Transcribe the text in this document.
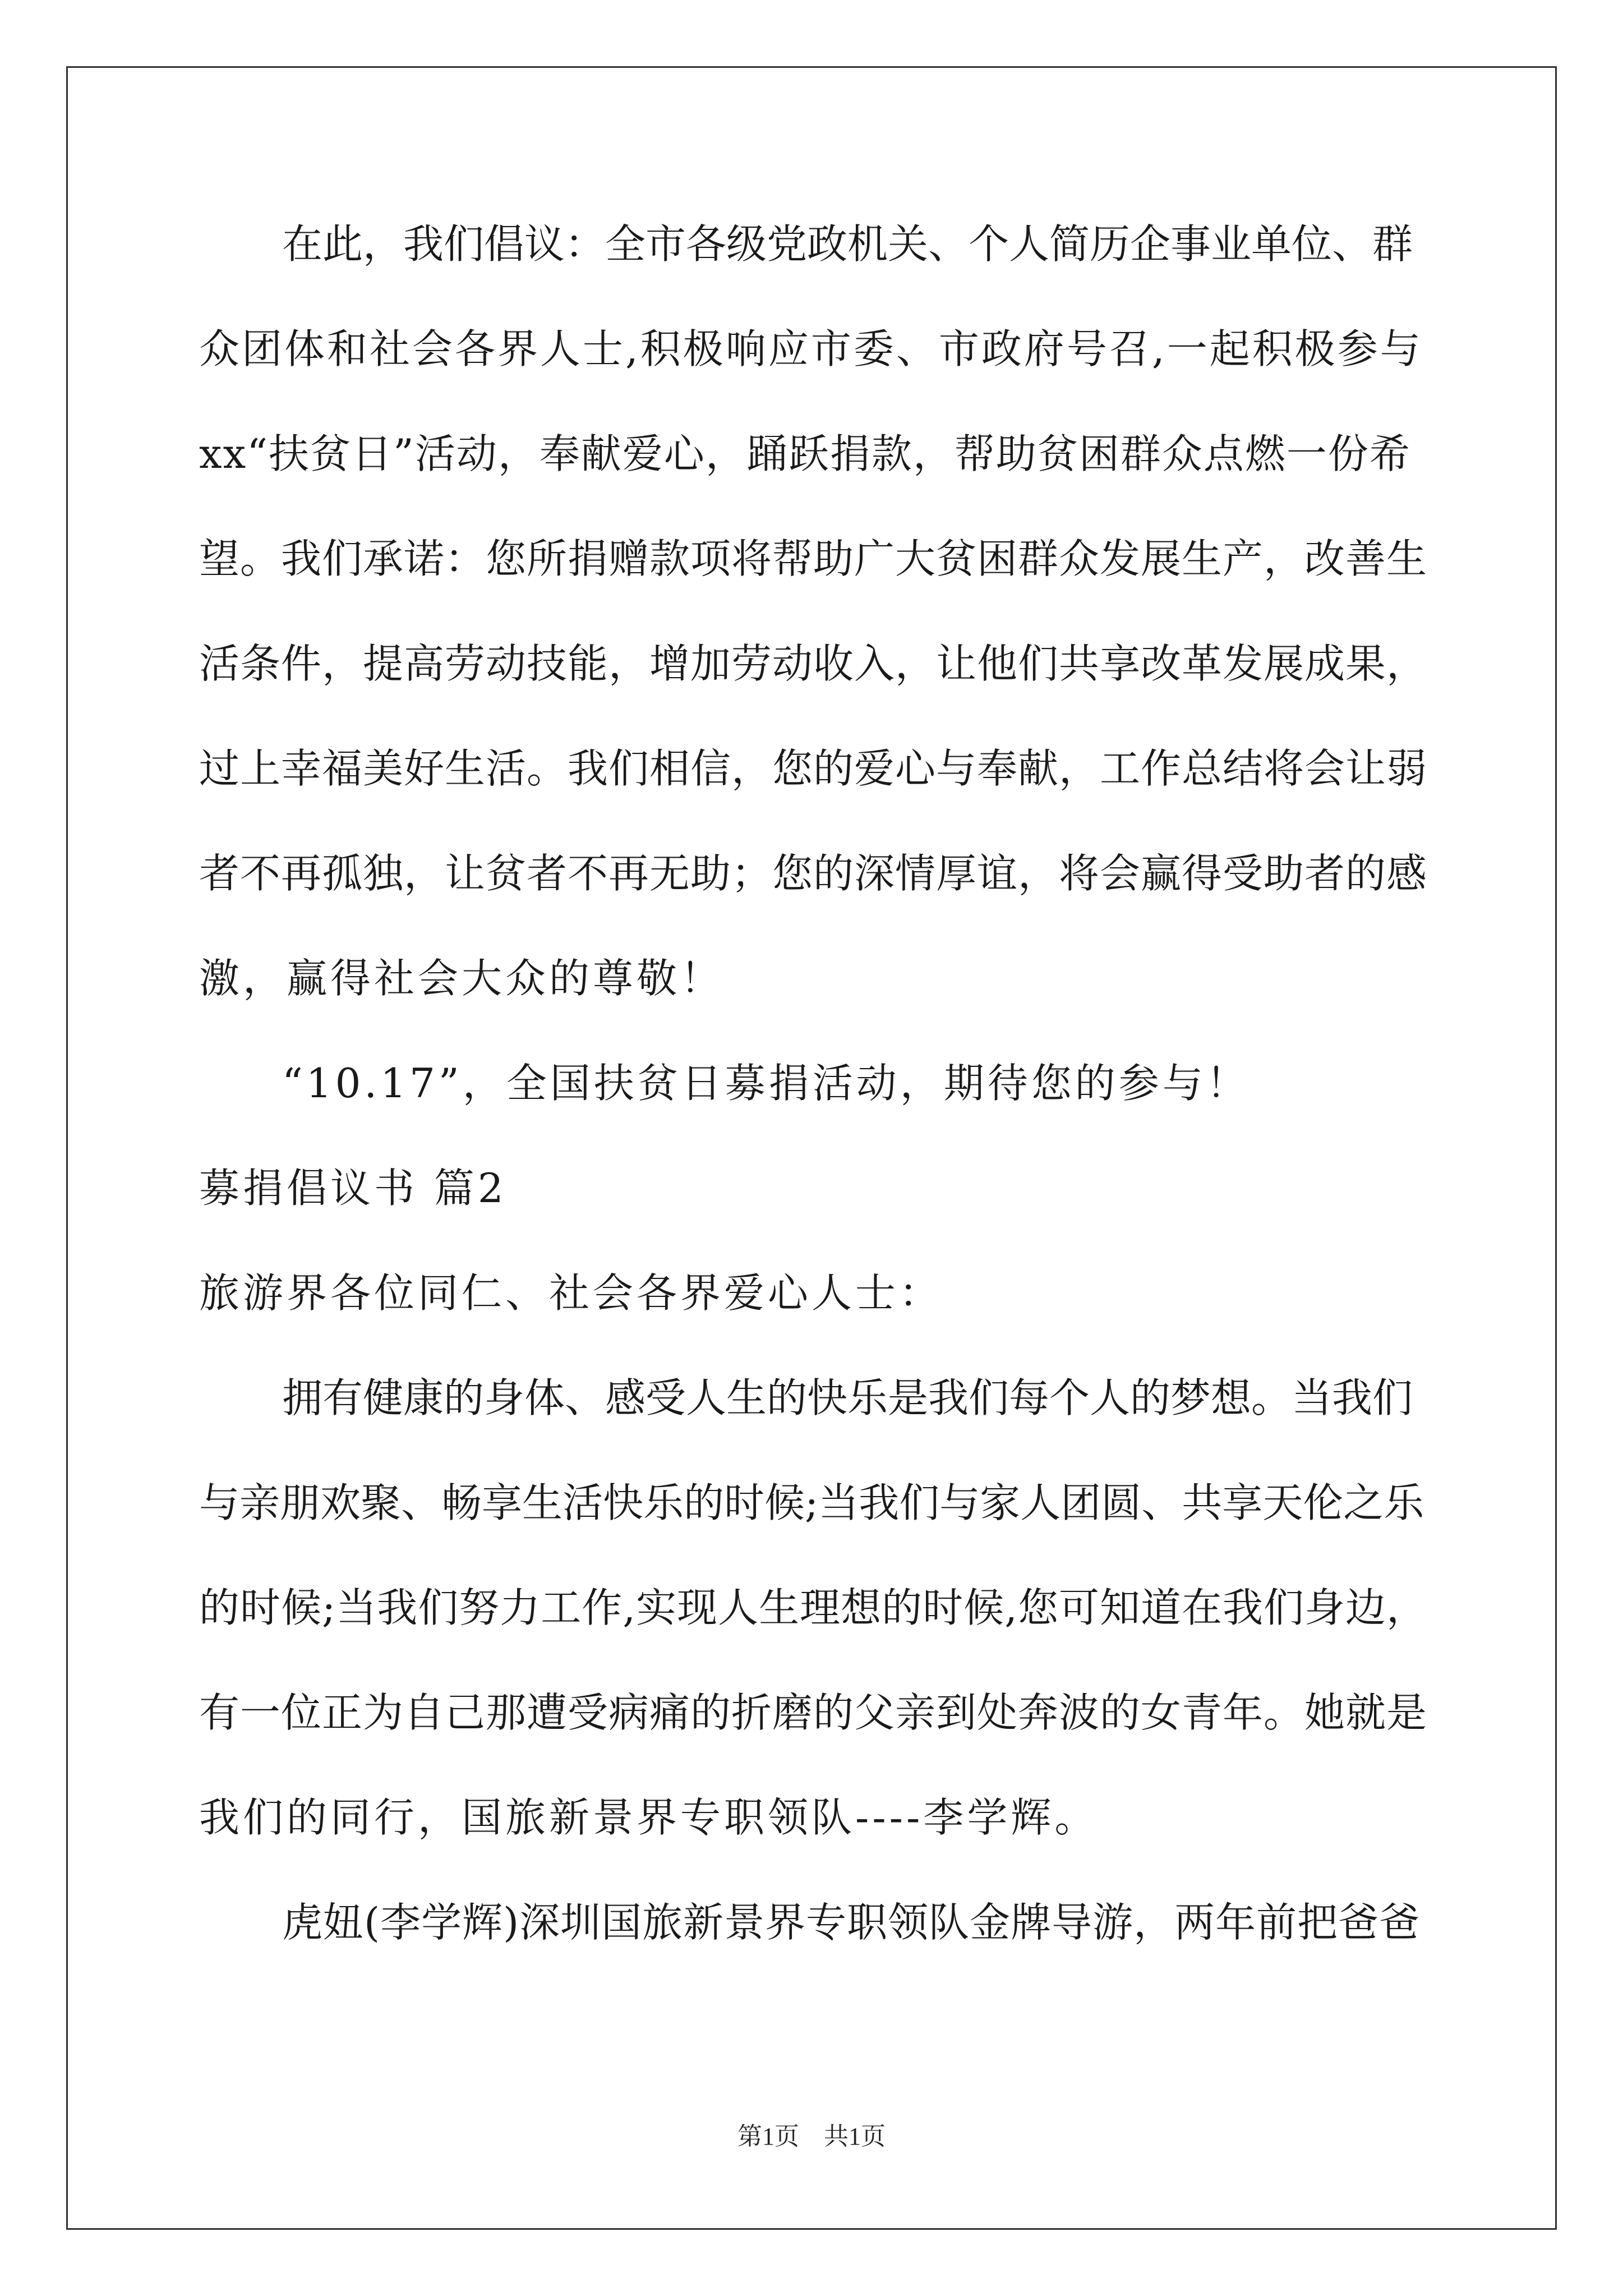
在此，我们倡议：全市各级党政机关、个人简历企事业单位、群
众团体和社会各界人士,积极响应市委、市政府号召,一起积极参与
xx“扶贫日”活动，奉献爱心，踊跃捐款，帮助贫困群众点燃一份希
望。我们承诺：您所捐赠款项将帮助广大贫困群众发展生产，改善生
活条件，提高劳动技能，增加劳动收入，让他们共享改革发展成果，
过上幸福美好生活。我们相信，您的爱心与奉献，工作总结将会让弱
者不再孤独，让贫者不再无助；您的深情厚谊，将会赢得受助者的感
激，赢得社会大众的尊敬！
“10.17”，全国扶贫日募捐活动，期待您的参与！
募捐倡议书 篇2
旅游界各位同仁、社会各界爱心人士：
拥有健康的身体、感受人生的快乐是我们每个人的梦想。当我们
与亲朋欢聚、畅享生活快乐的时候;当我们与家人团圆、共享天伦之乐
的时候;当我们努力工作,实现人生理想的时候,您可知道在我们身边，
有一位正为自己那遭受病痛的折磨的父亲到处奔波的女青年。她就是
我们的同行，国旅新景界专职领队----李学辉。
虎妞(李学辉)深圳国旅新景界专职领队金牌导游，两年前把爸爸
第1页　共1页
